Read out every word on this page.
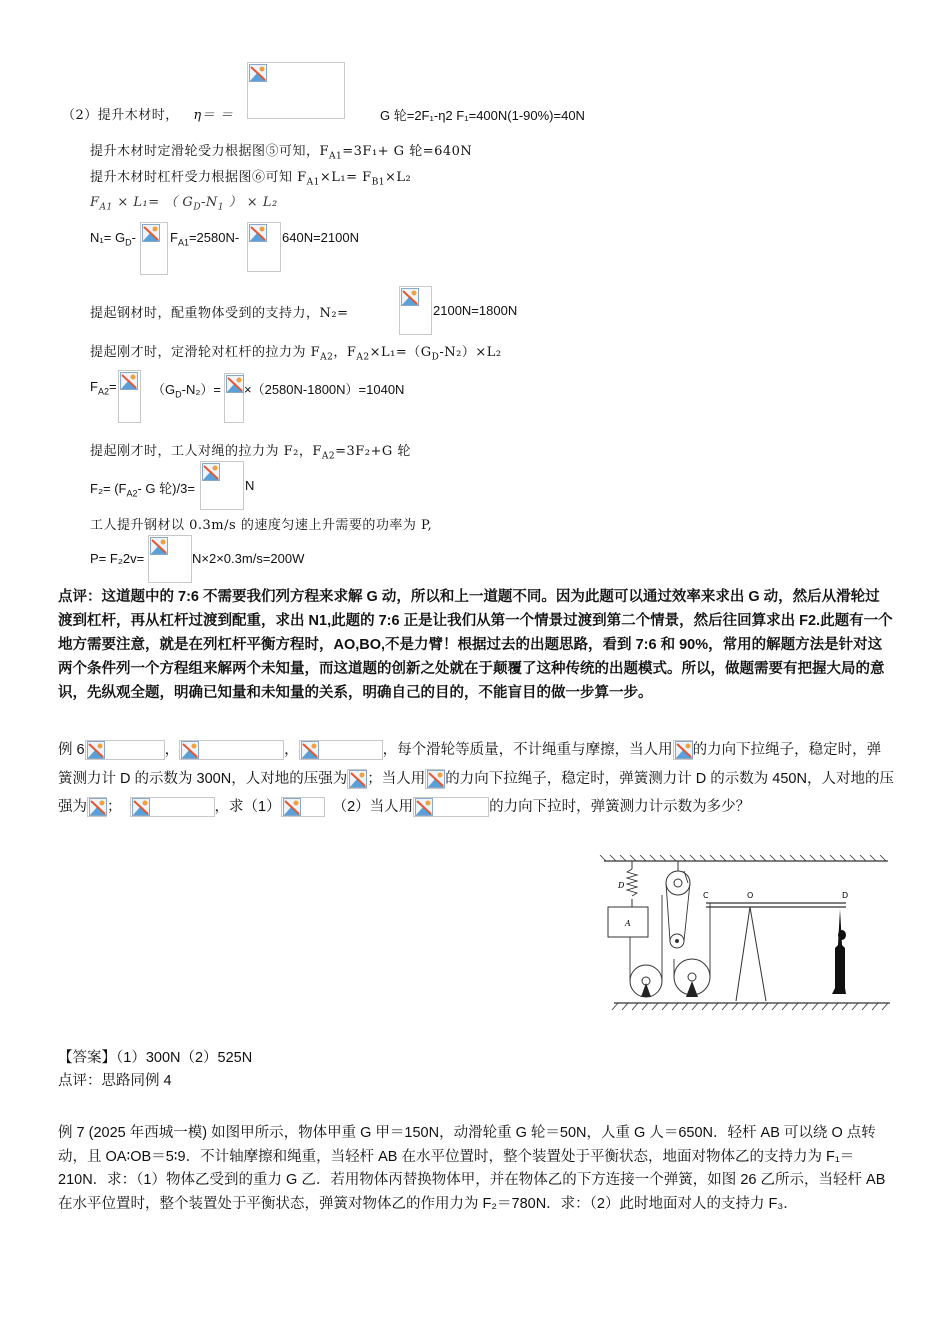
（2）提升木材时， η＝ ＝	G 轮=2F₁-η2 F₁=400N(1-90%)=40N
提升木材时定滑轮受力根据图⑤可知，$F_{A1}=3F_1+ G$ 轮=640N
提升木材时杠杆受力根据图⑥可知 $F_{A1}\times L_1= F_{B1}\times L_2$
$F_{A1} \times L_1=$ （ $G_D-N_1$ ） × L₂
$N_1= G_D-$	$F_{A1}=2580N-$	640N=2100N
提起钢材时，配重物体受到的支持力，N₂=	2100N=1800N
提起刚才时，定滑轮对杠杆的拉力为 $F_{A2}$，$F_{A2}\times L_1=(G_D-N_2)\times L_2$
$F_{A2}=$	$(G_D-N_2)= \times(2580N-1800N)=1040N$
提起刚才时，工人对绳的拉力为 F₂，$F_{A2}=3F_2+G$ 轮
$F_2= (F_{A2}-$ G 轮)/3=	N
工人提升钢材以 0.3m/s 的速度匀速上升需要的功率为 P,
P= F₂2v=	N×2×0.3m/s=200W
点评：这道题中的 7:6 不需要我们列方程来求解 G 动，所以和上一道题不同。因为此题可以通过效率来求出 G 动，然后从滑轮过渡到杠杆，再从杠杆过渡到配重，求出 N1,此题的 7:6 正是让我们从第一个情景过渡到第二个情景，然后往回算求出 F2.此题有一个地方需要注意，就是在列杠杆平衡方程时，AO,BO,不是力臂！根据过去的出题思路，看到 7:6 和 90%，常用的解题方法是针对这两个条件列一个方程组来解两个未知量，而这道题的创新之处就在于颠覆了这种传统的出题模式。所以，做题需要有把握大局的意识，先纵观全题，明确已知量和未知量的关系，明确自己的目的，不能盲目的做一步算一步。
例 6	，	，	，每个滑轮等质量，不计绳重与摩擦，当人用 的力向下拉绳子，稳定时，弹簧测力计 D 的示数为 300N，人对地的压强为 ；当人用 的力向下拉绳子，稳定时，弹簧测力计 D 的示数为 450N，人对地的压强为 ；	，求（1）	（2）当人用	的力向下拉时，弹簧测力计示数为多少？
D
A
C	O	D
【答案】（1）300N（2）525N
点评：思路同例 4
例 7 (2025 年西城一模) 如图甲所示，物体甲重 G 甲＝150N，动滑轮重 G 轮＝50N，人重 G 人＝650N．轻杆 AB 可以绕 O 点转动，且 OA∶OB＝5∶9．不计轴摩擦和绳重，当轻杆 AB 在水平位置时，整个装置处于平衡状态，地面对物体乙的支持力为 F₁＝210N．求：（1）物体乙受到的重力 G 乙．若用物体丙替换物体甲，并在物体乙的下方连接一个弹簧，如图 26 乙所示，当轻杆 AB 在水平位置时，整个装置处于平衡状态，弹簧对物体乙的作用力为 F₂＝780N．求：（2）此时地面对人的支持力 F₃．
